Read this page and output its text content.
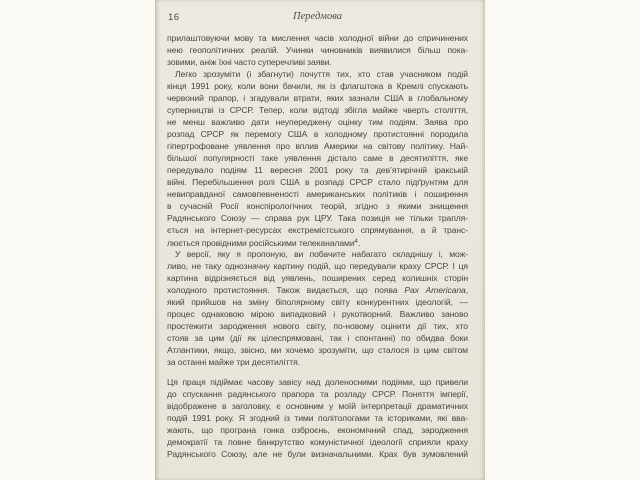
16	Передмова
прилаштовуючи мову та мислення часів холодної війни до спричинених
нею геополітичних реалій. Учинки чиновників виявилися більш пока-
зовими, аніж їхні часто суперечливі заяви.
Легко зрозуміти (і збагнути) почуття тих, хто став учасником подій
кінця 1991 року, коли вони бачили, як із флагштока в Кремлі спускають
червоний прапор, і згадували втрати, яких зазнали США в глобальному
суперництві із СРСР. Тепер, коли відтоді збігла майже чверть століття,
не менш важливо дати неупереджену оцінку тим подіям. Заява про
розпад СРСР як перемогу США в холодному протистоянні породила
гіпертрофоване уявлення про вплив Америки на світову політику. Най-
більшої популярності таке уявлення дістало саме в десятиліття, яке
передувало подіям 11 вересня 2001 року та дев’ятирічній іракській
війні. Перебільшення ролі США в розпаді СРСР стало підґрунтям для
невиправданої самовпевненості американських політиків і поширення
в сучасній Росії конспірологічних теорій, згідно з якими знищення
Радянського Союзу — справа рук ЦРУ. Така позиція не тільки трапля-
ється на інтернет-ресурсах екстремістського спрямування, а й транс-
люється провідними російськими телеканалами$^4$.
У версії, яку я пропоную, ви побачите набагато складнішу і, мож-
ливо, не таку однозначну картину подій, що передували краху СРСР. І ця
картина відрізняється від уявлень, поширених серед колишніх сторін
холодного протистояння. Також видається, що поява Pax Americana,
який прийшов на зміну біполярному світу конкурентних ідеологій, —
процес однаковою мірою випадковий і рукотворний. Важливо заново
простежити зародження нового світу, по-новому оцінити дії тих, хто
стояв за цим (дії як цілеспрямовані, так і спонтанні) по обидва боки
Атлантики, якщо, звісно, ми хочемо зрозуміти, що сталося із цим світом
за останні майже три десятиліття.
Ця праця підіймає часову завісу над доленосними подіями, що привели
до спускання радянського прапора та розладу СРСР. Поняття імперії,
відображене в заголовку, є основним у моїй інтерпретації драматичних
подій 1991 року. Я згодний із тими політологами та істориками, які вва-
жають, що програна гонка озброєнь, економічний спад, зародження
демократії та повне банкрутство комуністичної ідеології сприяли краху
Радянського Союзу, але не були визначальними. Крах був зумовлений
